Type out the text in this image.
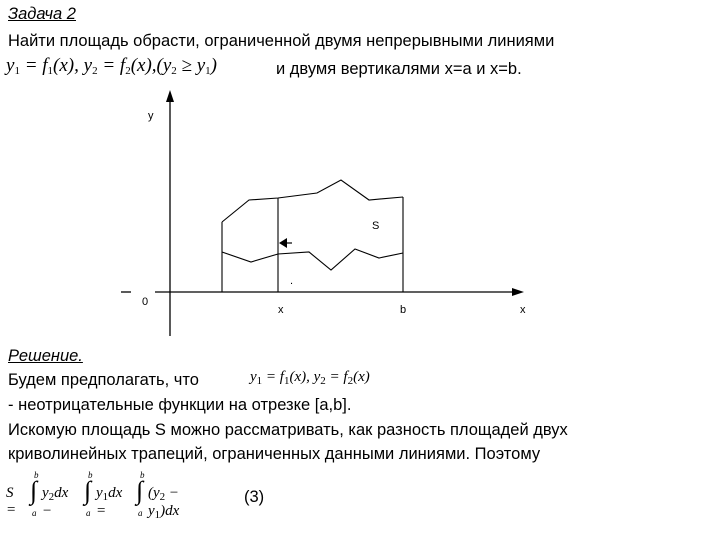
Задача 2
Найти площадь обрасти, ограниченной двумя непрерывными линиями
$y_1 = f_1(x)$, $y_2 = f_2(x),(y_2 \ge y_1)$	и двумя вертикалями x=a и x=b.
y
0
x	b	x
S
.
Решение.
Будем предполагать, что	$y_1 = f_1(x)$, $y_2 = f_2(x)$
- неотрицательные функции на отрезке [a,b].
Искомую площадь S можно рассматривать, как разность площадей двух
криволинейных трапеций, ограниченных данными линиями. Поэтому
S =
∫
b
a
$y_2dx$ −
∫
b
a
$y_1dx$ =
∫
b
a
$(y_2 - y_1)dx$
(3)
